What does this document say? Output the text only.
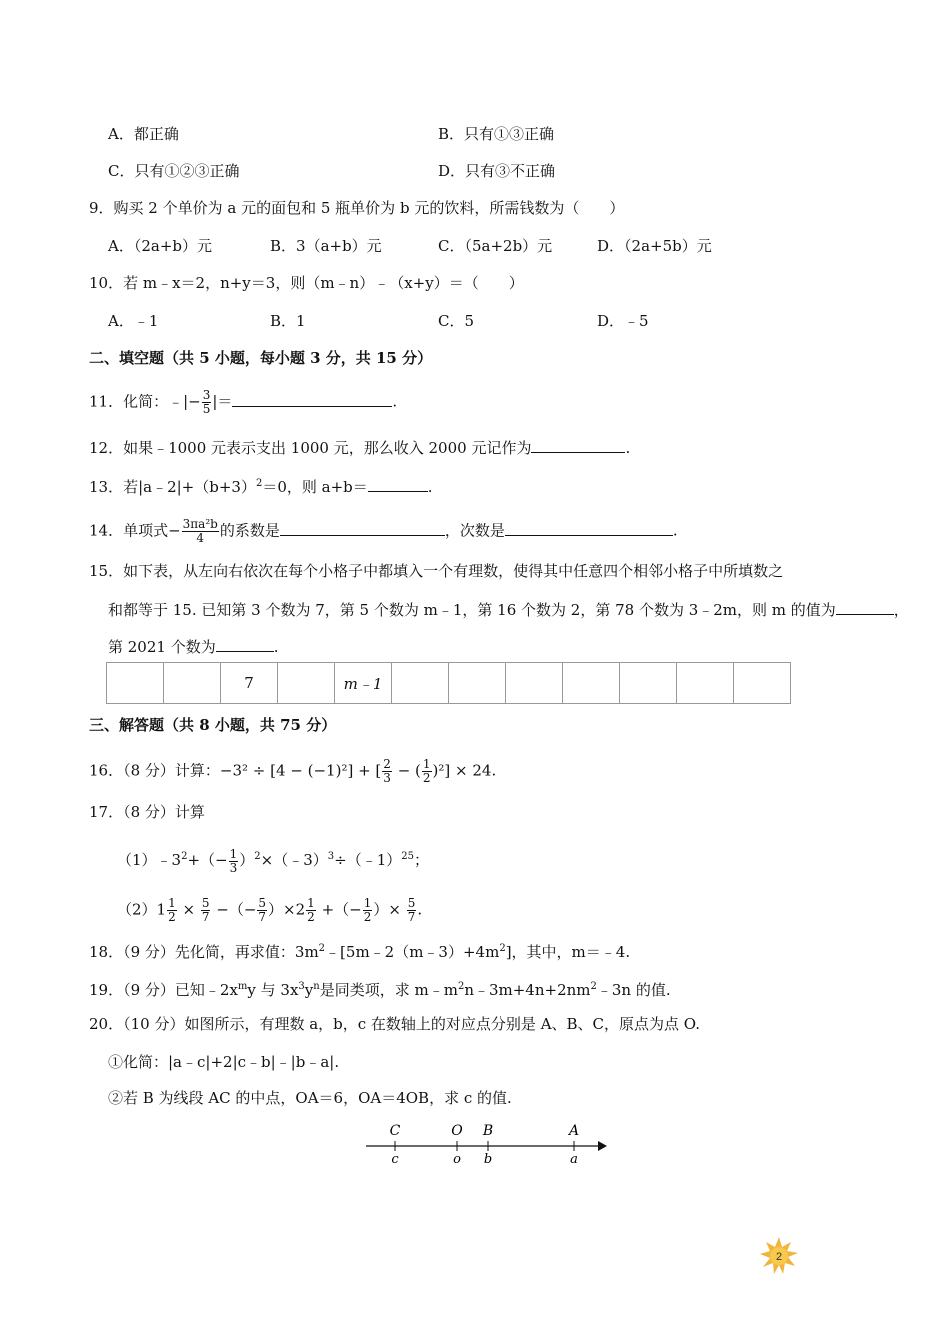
A．都正确	B．只有①③正确
C．只有①②③正确	D．只有③不正确
9．购买 2 个单价为 a 元的面包和 5 瓶单价为 b 元的饮料，所需钱数为（　　）
A．（2a+b）元	B．3（a+b）元	C．（5a+2b）元	D．（2a+5b）元
10．若 m﹣x＝2，n+y＝3，则（m﹣n）﹣（x+y）＝（　　）
A．﹣1	B．1	C．5	D．﹣5
二、填空题（共 5 小题，每小题 3 分，共 15 分）
11．化简：﹣|− $\frac{3}{5}$ |＝	.
12．如果﹣1000 元表示支出 1000 元，那么收入 2000 元记作为	.
13．若$|a﹣2|+(b+3)^2=0$，则 a+b＝	.
14．单项式− $\frac{\text{3πa²b}}{4}$ 的系数是	，次数是	.
15．如下表，从左向右依次在每个小格子中都填入一个有理数，使得其中任意四个相邻小格子中所填数之
和都等于 15. 已知第 3 个数为 7，第 5 个数为 m﹣1，第 16 个数为 2，第 78 个数为 3﹣2m，则 m 的值为	，
第 2021 个数为	.
		7		m﹣1							
三、解答题（共 8 小题，共 75 分）
16．（8 分）计算：−3² ÷ [4 − (−1)²] + [ $\frac{2}{3}$ − ( $\frac{1}{2} )^2] \times 24$.
17．（8 分）计算
$(1)﹣3^2+(- \frac{1}{3}$ ）$^2$×（﹣3）$^3$÷（﹣1）$^{25}$；
$(2)1 \frac{1}{2} \times \frac{5}{7}$ −（− $\frac{5}{7} )\times 2 \frac{1}{2}$ +（− $\frac{1}{2}$ ）× $\frac{5}{7}$ .
18．（9 分）先化简，再求值：$3m^2﹣[5m﹣2(m﹣3)+4m^2]$，其中，m＝﹣4.
19．（9 分）已知$﹣2x^my$ 与 $3x^3y^n$是同类项，求 $m﹣m^2n﹣3m+4n+2nm^2﹣3n$ 的值.
20．（10 分）如图所示，有理数 a，b，c 在数轴上的对应点分别是 A、B、C，原点为点 O.
①化简：|a﹣c|+2|c﹣b|﹣|b﹣a|.
②若 B 为线段 AC 的中点，OA＝6，OA＝4OB，求 c 的值.
C	O B	A
c	o b	a
2
